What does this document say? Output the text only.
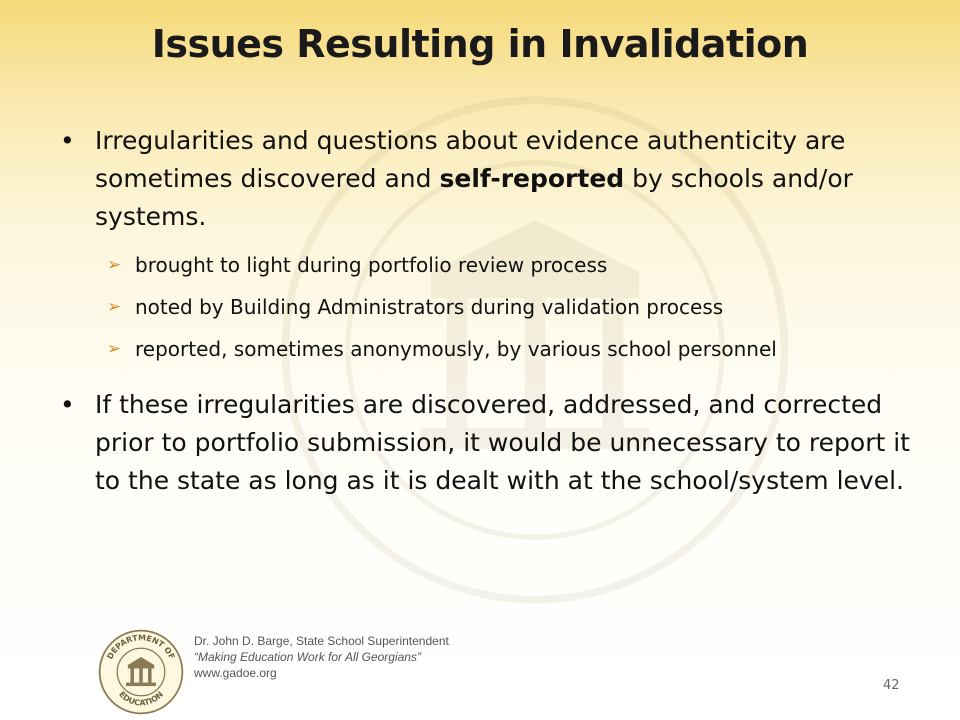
Issues Resulting in Invalidation
• Irregularities and questions about evidence authenticity are sometimes discovered and self-reported by schools and/or systems.
➢ brought to light during portfolio review process
➢ noted by Building Administrators during validation process
➢ reported, sometimes anonymously, by various school personnel
• If these irregularities are discovered, addressed, and corrected prior to portfolio submission, it would be unnecessary to report it to the state as long as it is dealt with at the school/system level.
DEPARTMENT OF
EDUCATION
Dr. John D. Barge, State School Superintendent
“Making Education Work for All Georgians”
www.gadoe.org
42
